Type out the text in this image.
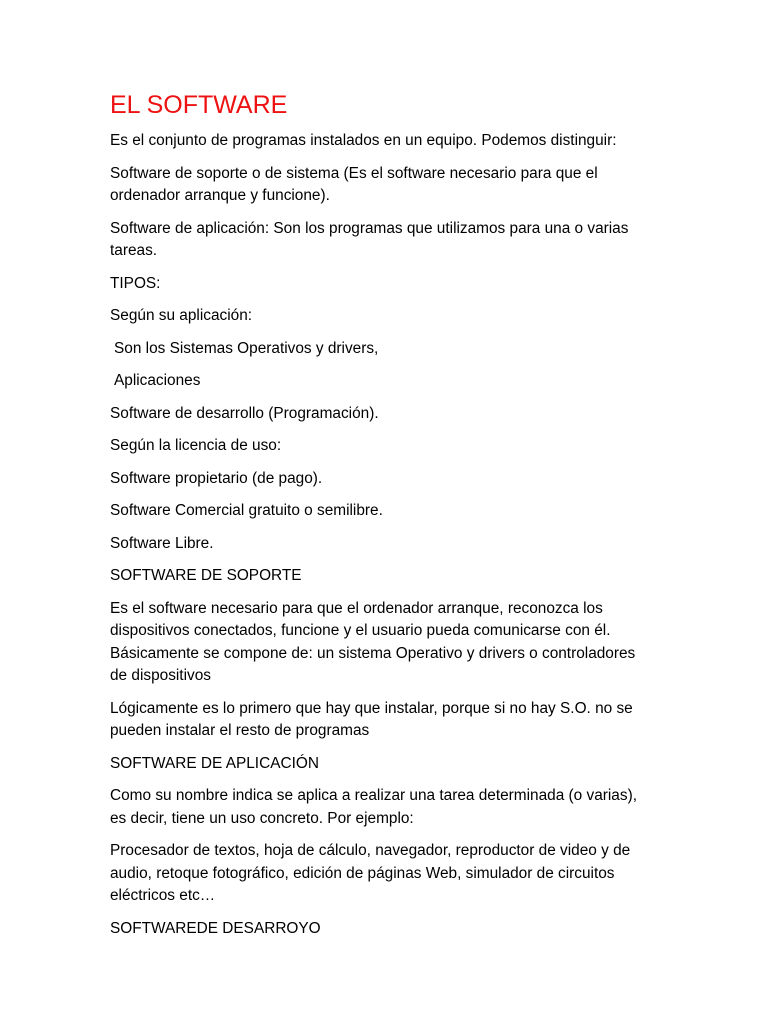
EL SOFTWARE

Es el conjunto de programas instalados en un equipo. Podemos distinguir:

Software de soporte o de sistema (Es el software necesario para que el ordenador arranque y funcione).

Software de aplicación: Son los programas que utilizamos para una o varias tareas.

TIPOS:

Según su aplicación:

Son los Sistemas Operativos y drivers,

Aplicaciones

Software de desarrollo (Programación).

Según la licencia de uso:

Software propietario (de pago).

Software Comercial gratuito o semilibre.

Software Libre.

SOFTWARE DE SOPORTE

Es el software necesario para que el ordenador arranque, reconozca los dispositivos conectados, funcione y el usuario pueda comunicarse con él. Básicamente se compone de: un sistema Operativo y drivers o controladores de dispositivos

Lógicamente es lo primero que hay que instalar, porque si no hay S.O. no se pueden instalar el resto de programas

SOFTWARE DE APLICACIÓN

Como su nombre indica se aplica a realizar una tarea determinada (o varias), es decir, tiene un uso concreto. Por ejemplo:

Procesador de textos, hoja de cálculo, navegador, reproductor de video y de audio, retoque fotográfico, edición de páginas Web, simulador de circuitos eléctricos etc…

SOFTWAREDE DESARROYO
